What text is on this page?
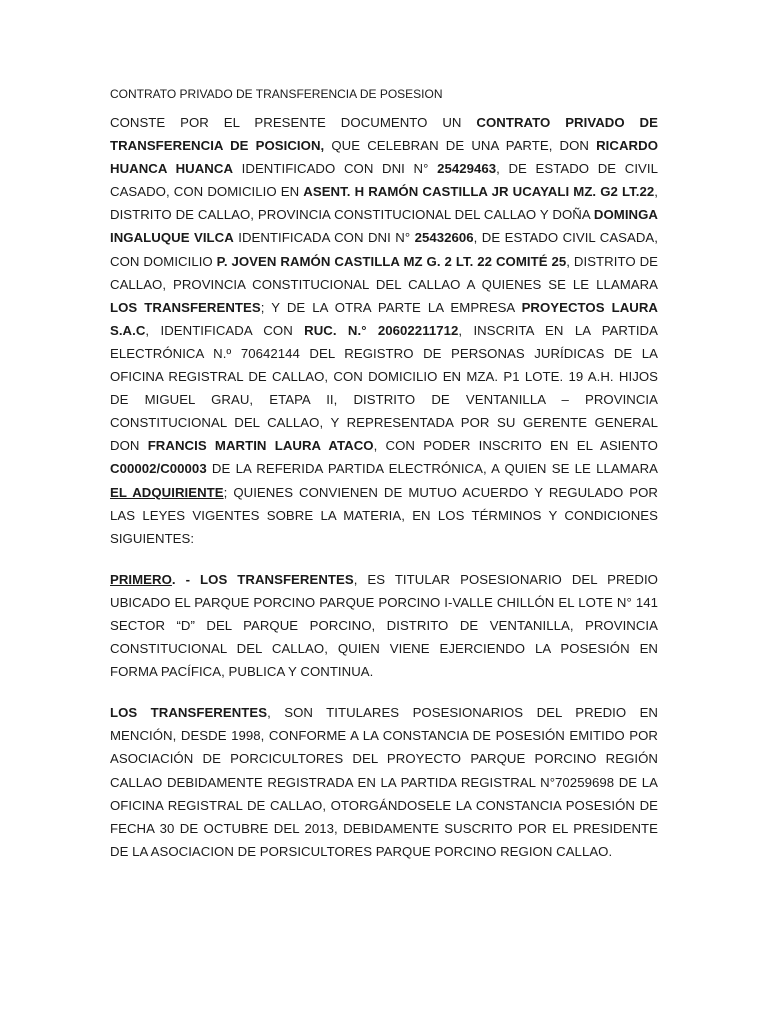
CONTRATO PRIVADO DE TRANSFERENCIA DE POSESION

CONSTE POR EL PRESENTE DOCUMENTO UN CONTRATO PRIVADO DE TRANSFERENCIA DE POSICION, QUE CELEBRAN DE UNA PARTE, DON RICARDO HUANCA HUANCA IDENTIFICADO CON DNI N° 25429463, DE ESTADO DE CIVIL CASADO, CON DOMICILIO EN ASENT. H RAMÓN CASTILLA JR UCAYALI MZ. G2 LT.22, DISTRITO DE CALLAO, PROVINCIA CONSTITUCIONAL DEL CALLAO Y DOÑA DOMINGA INGALUQUE VILCA IDENTIFICADA CON DNI N° 25432606, DE ESTADO CIVIL CASADA, CON DOMICILIO P. JOVEN RAMÓN CASTILLA MZ G. 2 LT. 22 COMITÉ 25, DISTRITO DE CALLAO, PROVINCIA CONSTITUCIONAL DEL CALLAO A QUIENES SE LE LLAMARA LOS TRANSFERENTES; Y DE LA OTRA PARTE LA EMPRESA PROYECTOS LAURA S.A.C, IDENTIFICADA CON RUC. N.° 20602211712, INSCRITA EN LA PARTIDA ELECTRÓNICA N.º 70642144 DEL REGISTRO DE PERSONAS JURÍDICAS DE LA OFICINA REGISTRAL DE CALLAO, CON DOMICILIO EN MZA. P1 LOTE. 19 A.H. HIJOS DE MIGUEL GRAU, ETAPA II, DISTRITO DE VENTANILLA – PROVINCIA CONSTITUCIONAL DEL CALLAO, Y REPRESENTADA POR SU GERENTE GENERAL DON FRANCIS MARTIN LAURA ATACO, CON PODER INSCRITO EN EL ASIENTO C00002/C00003 DE LA REFERIDA PARTIDA ELECTRÓNICA, A QUIEN SE LE LLAMARA EL ADQUIRIENTE; QUIENES CONVIENEN DE MUTUO ACUERDO Y REGULADO POR LAS LEYES VIGENTES SOBRE LA MATERIA, EN LOS TÉRMINOS Y CONDICIONES SIGUIENTES:

PRIMERO. - LOS TRANSFERENTES, ES TITULAR POSESIONARIO DEL PREDIO UBICADO EL PARQUE PORCINO PARQUE PORCINO I-VALLE CHILLÓN EL LOTE N° 141 SECTOR “D” DEL PARQUE PORCINO, DISTRITO DE VENTANILLA, PROVINCIA CONSTITUCIONAL DEL CALLAO, QUIEN VIENE EJERCIENDO LA POSESIÓN EN FORMA PACÍFICA, PUBLICA Y CONTINUA.

LOS TRANSFERENTES, SON TITULARES POSESIONARIOS DEL PREDIO EN MENCIÓN, DESDE 1998, CONFORME A LA CONSTANCIA DE POSESIÓN EMITIDO POR ASOCIACIÓN DE PORCICULTORES DEL PROYECTO PARQUE PORCINO REGIÓN CALLAO DEBIDAMENTE REGISTRADA EN LA PARTIDA REGISTRAL N°70259698 DE LA OFICINA REGISTRAL DE CALLAO, OTORGÁNDOSELE LA CONSTANCIA POSESIÓN DE FECHA 30 DE OCTUBRE DEL 2013, DEBIDAMENTE SUSCRITO POR EL PRESIDENTE DE LA ASOCIACION DE PORSICULTORES PARQUE PORCINO REGION CALLAO.
